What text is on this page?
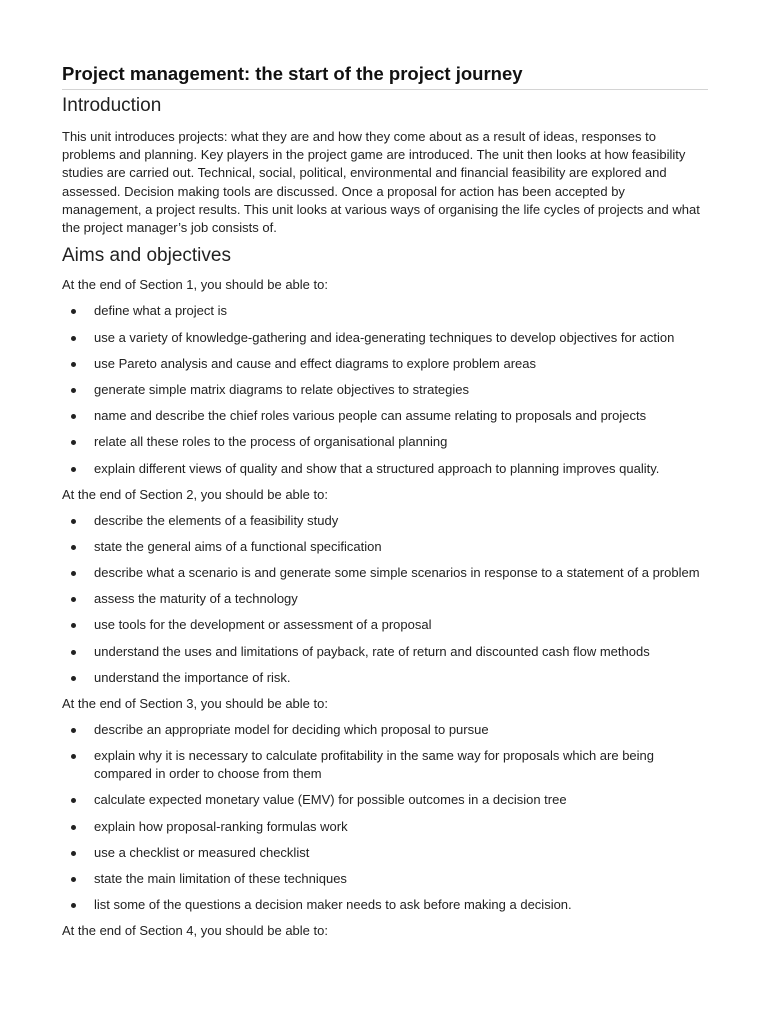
Project management: the start of the project journey
Introduction

This unit introduces projects: what they are and how they come about as a result of ideas, responses to problems and planning. Key players in the project game are introduced. The unit then looks at how feasibility studies are carried out. Technical, social, political, environmental and financial feasibility are explored and assessed. Decision making tools are discussed. Once a proposal for action has been accepted by management, a project results. This unit looks at various ways of organising the life cycles of projects and what the project manager’s job consists of.

Aims and objectives

At the end of Section 1, you should be able to:

define what a project is
use a variety of knowledge-gathering and idea-generating techniques to develop objectives for action
use Pareto analysis and cause and effect diagrams to explore problem areas
generate simple matrix diagrams to relate objectives to strategies
name and describe the chief roles various people can assume relating to proposals and projects
relate all these roles to the process of organisational planning
explain different views of quality and show that a structured approach to planning improves quality.

At the end of Section 2, you should be able to:

describe the elements of a feasibility study
state the general aims of a functional specification
describe what a scenario is and generate some simple scenarios in response to a statement of a problem
assess the maturity of a technology
use tools for the development or assessment of a proposal
understand the uses and limitations of payback, rate of return and discounted cash flow methods
understand the importance of risk.

At the end of Section 3, you should be able to:

describe an appropriate model for deciding which proposal to pursue
explain why it is necessary to calculate profitability in the same way for proposals which are being compared in order to choose from them
calculate expected monetary value (EMV) for possible outcomes in a decision tree
explain how proposal-ranking formulas work
use a checklist or measured checklist
state the main limitation of these techniques
list some of the questions a decision maker needs to ask before making a decision.

At the end of Section 4, you should be able to:
